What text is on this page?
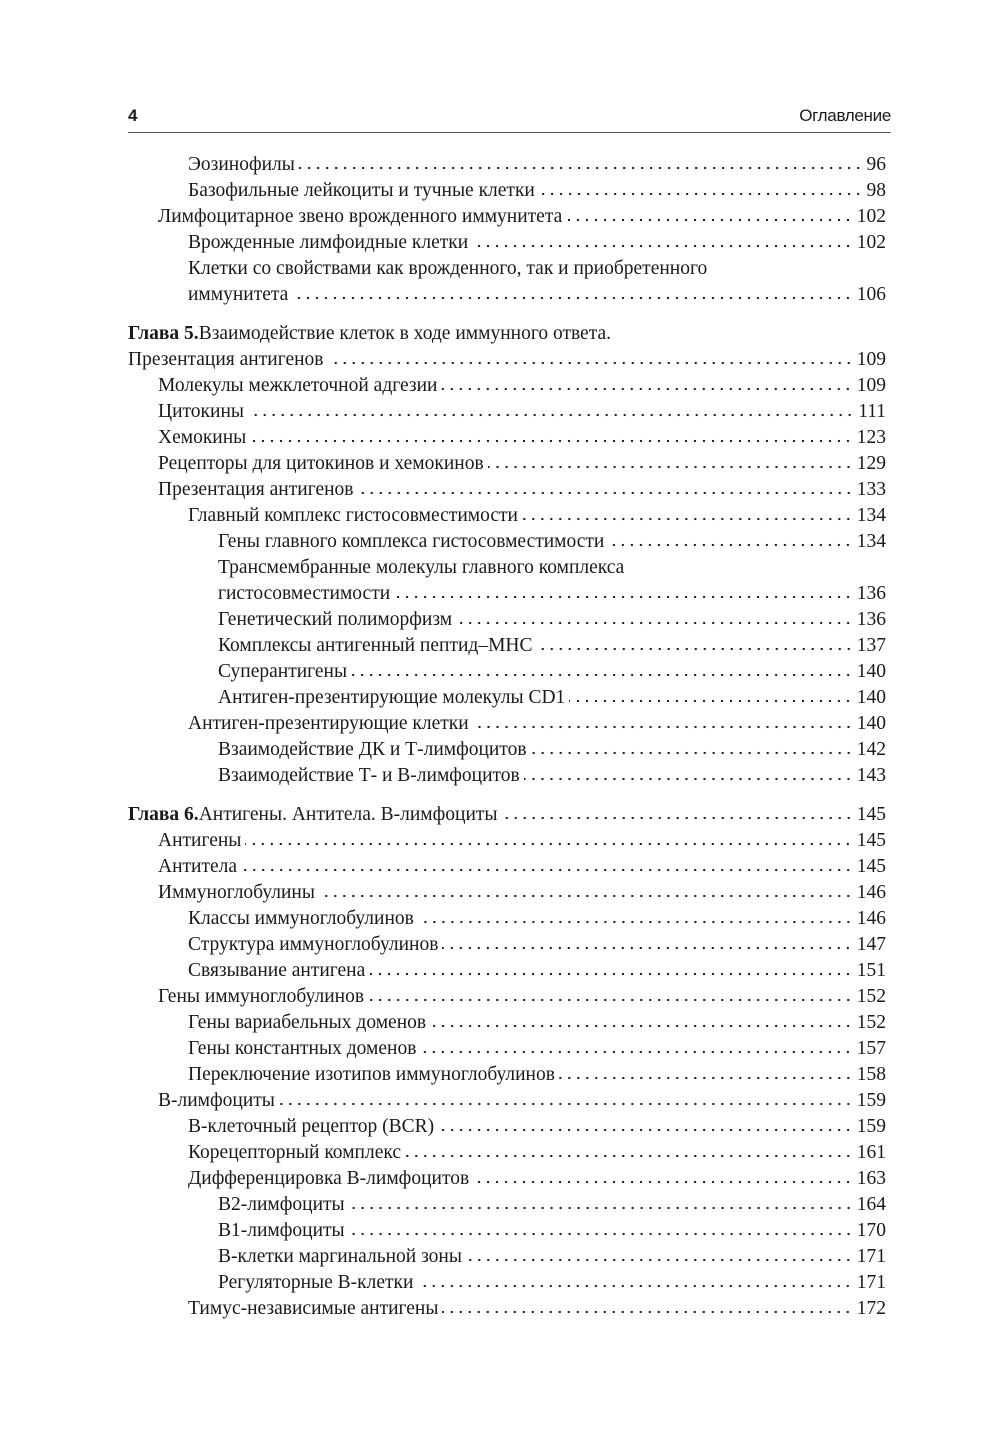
4	Оглавление
Эозинофилы	96
Базофильные лейкоциты и тучные клетки	98
Лимфоцитарное звено врожденного иммунитета	102
Врожденные лимфоидные клетки	102
Клетки со свойствами как врожденного, так и приобретенного
иммунитета	106
Глава 5. Взаимодействие клеток в ходе иммунного ответа.
Презентация антигенов	109
Молекулы межклеточной адгезии	109
Цитокины	111
Хемокины	123
Рецепторы для цитокинов и хемокинов	129
Презентация антигенов	133
Главный комплекс гистосовместимости	134
Гены главного комплекса гистосовместимости	134
Трансмембранные молекулы главного комплекса
гистосовместимости	136
Генетический полиморфизм	136
Комплексы антигенный пептид–MHC	137
Суперантигены	140
Антиген-презентирующие молекулы CD1	140
Антиген-презентирующие клетки	140
Взаимодействие ДК и Т-лимфоцитов	142
Взаимодействие Т- и В-лимфоцитов	143
Глава 6. Антигены. Антитела. В-лимфоциты	145
Антигены	145
Антитела	145
Иммуноглобулины	146
Классы иммуноглобулинов	146
Структура иммуноглобулинов	147
Связывание антигена	151
Гены иммуноглобулинов	152
Гены вариабельных доменов	152
Гены константных доменов	157
Переключение изотипов иммуноглобулинов	158
В-лимфоциты	159
В-клеточный рецептор (BCR)	159
Корецепторный комплекс	161
Дифференцировка В-лимфоцитов	163
В2-лимфоциты	164
В1-лимфоциты	170
В-клетки маргинальной зоны	171
Регуляторные В-клетки	171
Тимус-независимые антигены	172
